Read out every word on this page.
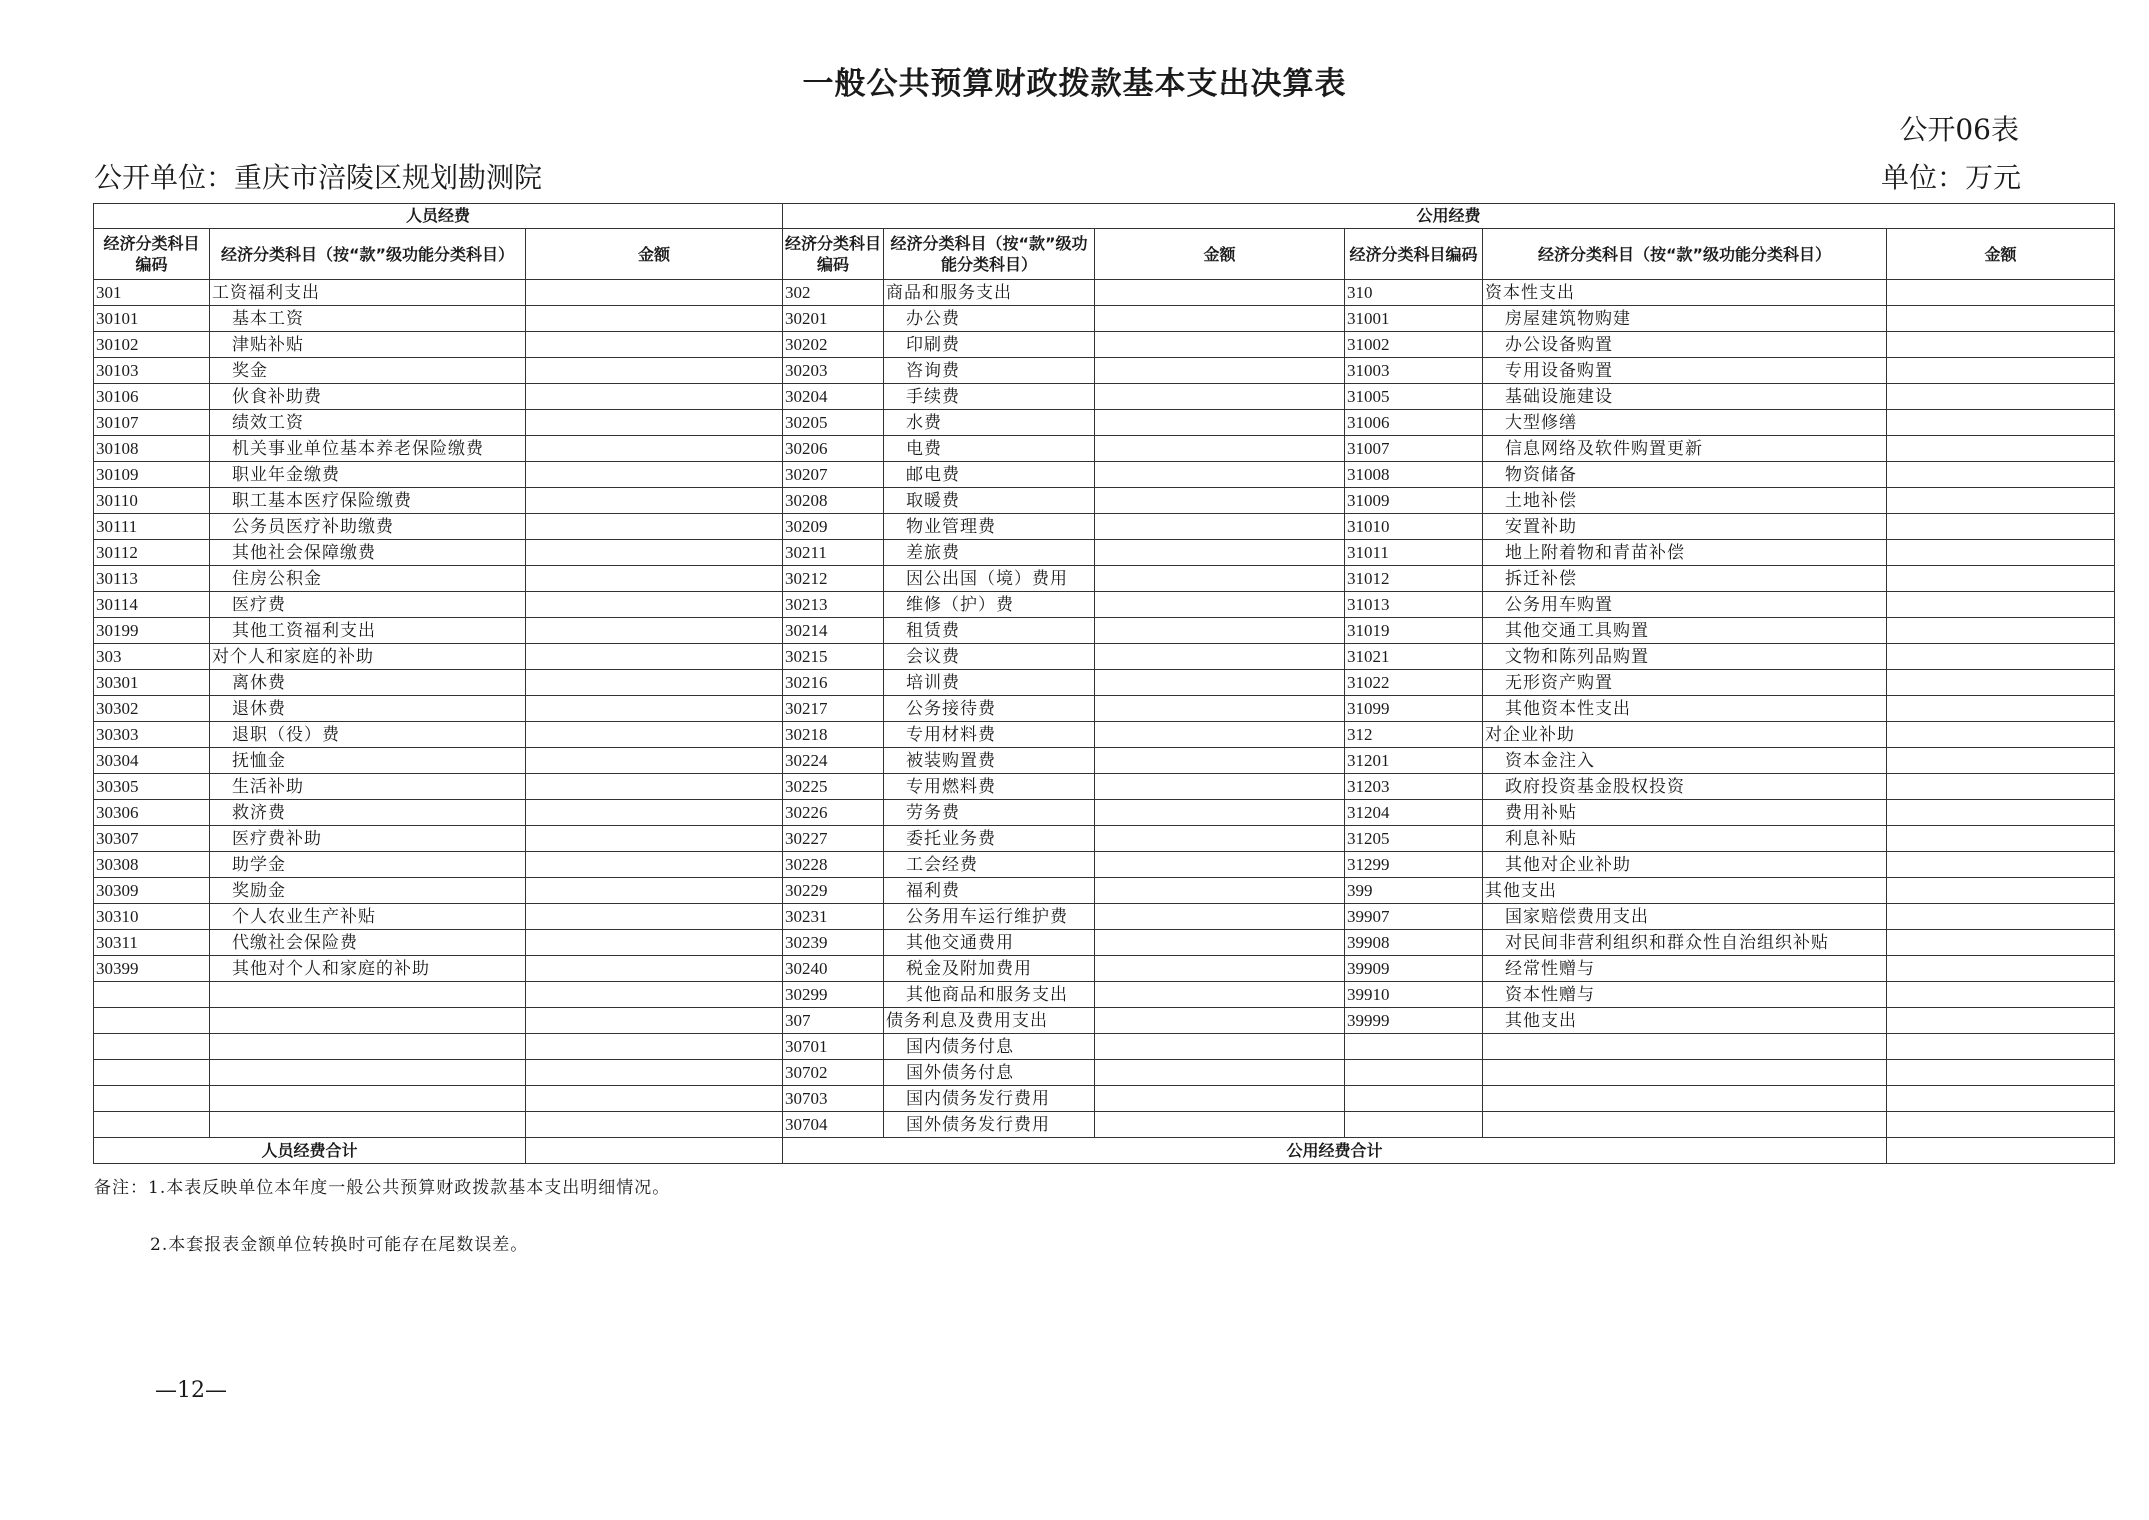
一般公共预算财政拨款基本支出决算表
公开06表
公开单位：重庆市涪陵区规划勘测院	单位：万元
人员经费			公用经费					
经济分类科目编码	经济分类科目（按“款”级功能分类科目）	金额	经济分类科目编码	经济分类科目（按“款”级功能分类科目）	金额	经济分类科目编码	经济分类科目（按“款”级功能分类科目）	金额
301	工资福利支出		302	商品和服务支出		310	资本性支出	
30101	基本工资		30201	办公费		31001	房屋建筑物购建	
30102	津贴补贴		30202	印刷费		31002	办公设备购置	
30103	奖金		30203	咨询费		31003	专用设备购置	
30106	伙食补助费		30204	手续费		31005	基础设施建设	
30107	绩效工资		30205	水费		31006	大型修缮	
30108	机关事业单位基本养老保险缴费		30206	电费		31007	信息网络及软件购置更新	
30109	职业年金缴费		30207	邮电费		31008	物资储备	
30110	职工基本医疗保险缴费		30208	取暖费		31009	土地补偿	
30111	公务员医疗补助缴费		30209	物业管理费		31010	安置补助	
30112	其他社会保障缴费		30211	差旅费		31011	地上附着物和青苗补偿	
30113	住房公积金		30212	因公出国（境）费用		31012	拆迁补偿	
30114	医疗费		30213	维修（护）费		31013	公务用车购置	
30199	其他工资福利支出		30214	租赁费		31019	其他交通工具购置	
303	对个人和家庭的补助		30215	会议费		31021	文物和陈列品购置	
30301	离休费		30216	培训费		31022	无形资产购置	
30302	退休费		30217	公务接待费		31099	其他资本性支出	
30303	退职（役）费		30218	专用材料费		312	对企业补助	
30304	抚恤金		30224	被装购置费		31201	资本金注入	
30305	生活补助		30225	专用燃料费		31203	政府投资基金股权投资	
30306	救济费		30226	劳务费		31204	费用补贴	
30307	医疗费补助		30227	委托业务费		31205	利息补贴	
30308	助学金		30228	工会经费		31299	其他对企业补助	
30309	奖励金		30229	福利费		399	其他支出	
30310	个人农业生产补贴		30231	公务用车运行维护费		39907	国家赔偿费用支出	
30311	代缴社会保险费		30239	其他交通费用		39908	对民间非营利组织和群众性自治组织补贴	
30399	其他对个人和家庭的补助		30240	税金及附加费用		39909	经常性赠与	
			30299	其他商品和服务支出		39910	资本性赠与	
			307	债务利息及费用支出		39999	其他支出	
			30701	国内债务付息				
			30702	国外债务付息				
			30703	国内债务发行费用				
			30704	国外债务发行费用				
人员经费合计			公用经费合计					
备注：1.本表反映单位本年度一般公共预算财政拨款基本支出明细情况。
2.本套报表金额单位转换时可能存在尾数误差。
—12—
